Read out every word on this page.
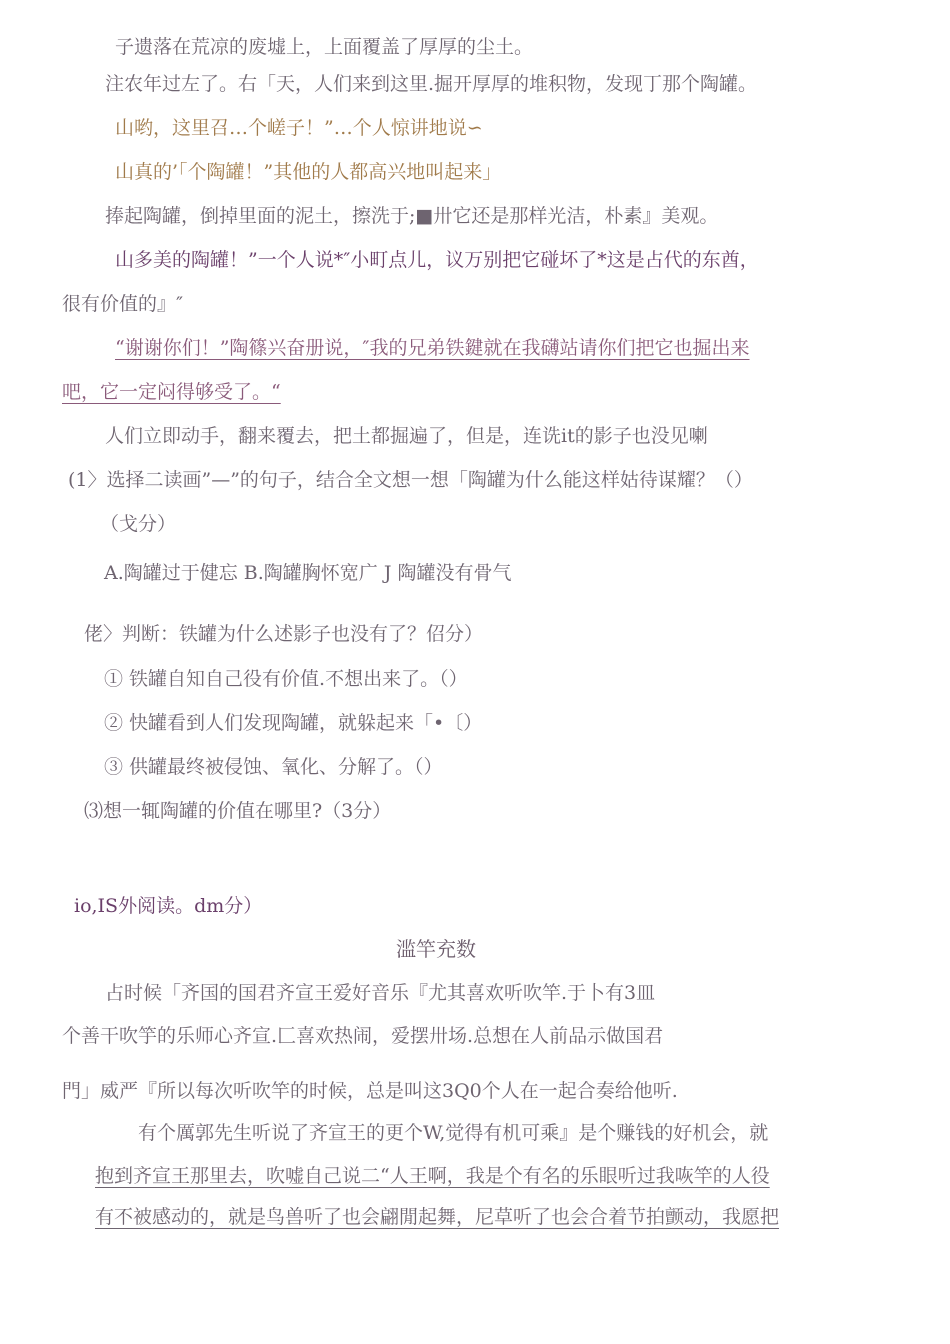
子遗落在荒凉的废墟上，上面覆盖了厚厚的尘土。
注农年过左了。右「天，人们来到这里.掘开厚厚的堆积物，发现丁那个陶罐。
山哟，这里召…个嵯子！”…个人惊讲地说∽
山真的’「个陶罐！”其他的人都高兴地叫起来」
捧起陶罐，倒掉里面的泥土，擦洗于;■卅它还是那样光洁，朴素』美观。
山多美的陶罐！”一个人说*″小町点儿，议万别把它碰坏了*这是占代的东酋，
很有价值的』″
“谢谢你们！”陶篠兴奋册说，″我的兄弟铁鍵就在我礴站请你们把它也掘出来
吧，它一定闷得够受了。“
人们立即动手，翻来覆去，把土都掘遍了，但是，连诜it的影子也没见喇
(1〉选择二读画”—”的句子，结合全文想一想「陶罐为什么能这样姑待谋耀？（）
（戈分）
A.陶罐过于健忘 B.陶罐胸怀宽广 J 陶罐没有骨气
佬〉判断：铁罐为什么述影子也没有了？佋分）
① 铁罐自知自己役有价值.不想出来了。（）
② 快罐看到人们发现陶罐，就躲起来「•〔）
③ 供罐最终被侵蚀、氧化、分解了。（）
⑶想一辄陶罐的价值在哪里?（3分）
io,IS外阅读。dm分）
滥竿充数
占时候「齐国的国君齐宣王爱好音乐『尤其喜欢听吹竿.于卜有3皿
个善干吹竽的乐师心齐宣.匚喜欢热闹，爱摆卅场.总想在人前品示做国君
門」威严『所以每次听吹竿的时候，总是叫这3Q0个人在一起合奏给他听.
有个厲郭先生听说了齐宣王的更个W,觉得有机可乘』是个赚钱的好机会，就
抱到齐宣王那里去，吹嘘自己说二“人王啊，我是个有名的乐眼听过我咴竿的人役
有不被感动的，就是鸟兽听了也会翩閒起舞，尼草听了也会合着节拍颤动，我愿把
